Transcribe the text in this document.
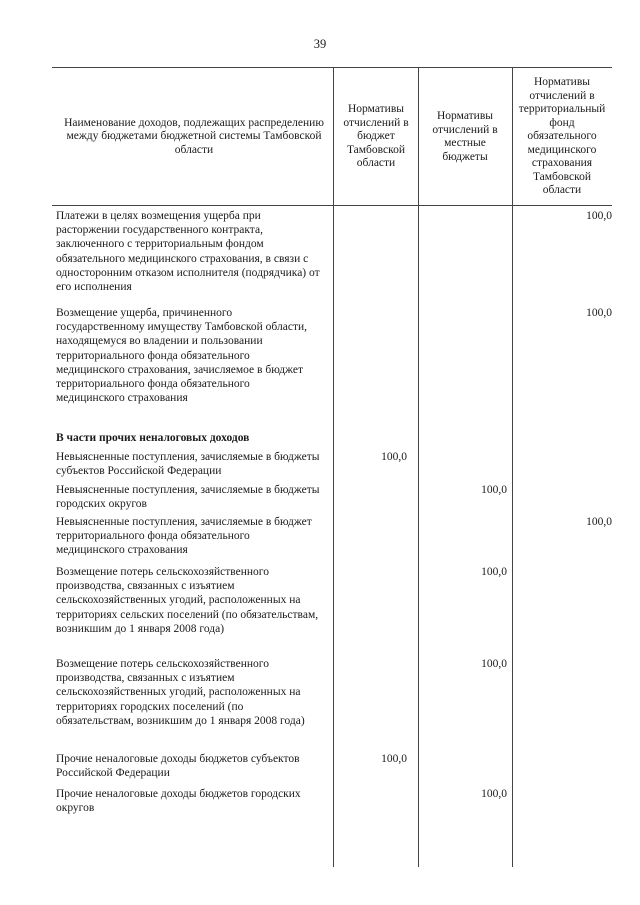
39
Наименование доходов, подлежащих распределению между бюджетами бюджетной системы Тамбовской области
Нормативы отчислений в бюджет Тамбовской области
Нормативы отчислений в местные бюджеты
Нормативы отчислений в территориальный фонд обязательного медицинского страхования Тамбовской области
Платежи в целях возмещения ущерба при расторжении государственного контракта, заключенного с территориальным фондом обязательного медицинского страхования, в связи с односторонним отказом исполнителя (подрядчика) от его исполнения
100,0
Возмещение ущерба, причиненного государственному имуществу Тамбовской области, находящемуся во владении и пользовании территориального фонда обязательного медицинского страхования, зачисляемое в бюджет территориального фонда обязательного медицинского страхования
100,0
В части прочих неналоговых доходов
Невыясненные поступления, зачисляемые в бюджеты субъектов Российской Федерации
100,0
Невыясненные поступления, зачисляемые в бюджеты городских округов
100,0
Невыясненные поступления, зачисляемые в бюджет территориального фонда обязательного медицинского страхования
100,0
Возмещение потерь сельскохозяйственного производства, связанных с изъятием сельскохозяйственных угодий, расположенных на территориях сельских поселений (по обязательствам, возникшим до 1 января 2008 года)
100,0
Возмещение потерь сельскохозяйственного производства, связанных с изъятием сельскохозяйственных угодий, расположенных на территориях городских поселений (по обязательствам, возникшим до 1 января 2008 года)
100,0
Прочие неналоговые доходы бюджетов субъектов Российской Федерации
100,0
Прочие неналоговые доходы бюджетов городских округов
100,0
